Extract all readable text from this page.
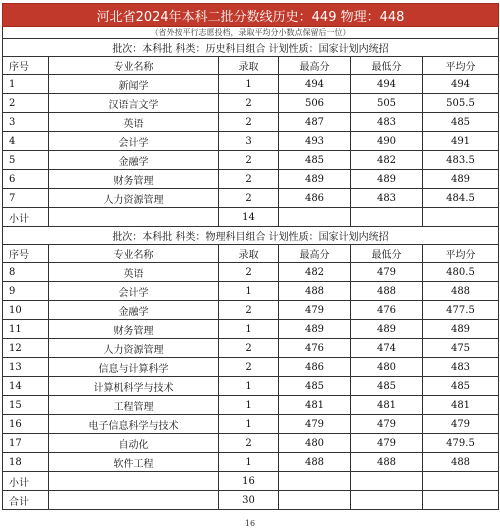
河北省2024年本科二批分数线历史：449 物理：448					
（省外按平行志愿投档，录取平均分小数点保留后一位）					
批次：本科批 科类：历史科目组合 计划性质：国家计划内统招					
序号	专业名称	录取	最高分	最低分	平均分
1	新闻学	1	494	494	494
2	汉语言文学	2	506	505	505.5
3	英语	2	487	483	485
4	会计学	3	493	490	491
5	金融学	2	485	482	483.5
6	财务管理	2	489	489	489
7	人力资源管理	2	486	483	484.5
小计		14			
批次：本科批 科类：物理科目组合 计划性质：国家计划内统招					
序号	专业名称	录取	最高分	最低分	平均分
8	英语	2	482	479	480.5
9	会计学	1	488	488	488
10	金融学	2	479	476	477.5
11	财务管理	1	489	489	489
12	人力资源管理	2	476	474	475
13	信息与计算科学	2	486	480	483
14	计算机科学与技术	1	485	485	485
15	工程管理	1	481	481	481
16	电子信息科学与技术	1	479	479	479
17	自动化	2	480	479	479.5
18	软件工程	1	488	488	488
小计		16			
合计		30			
16
